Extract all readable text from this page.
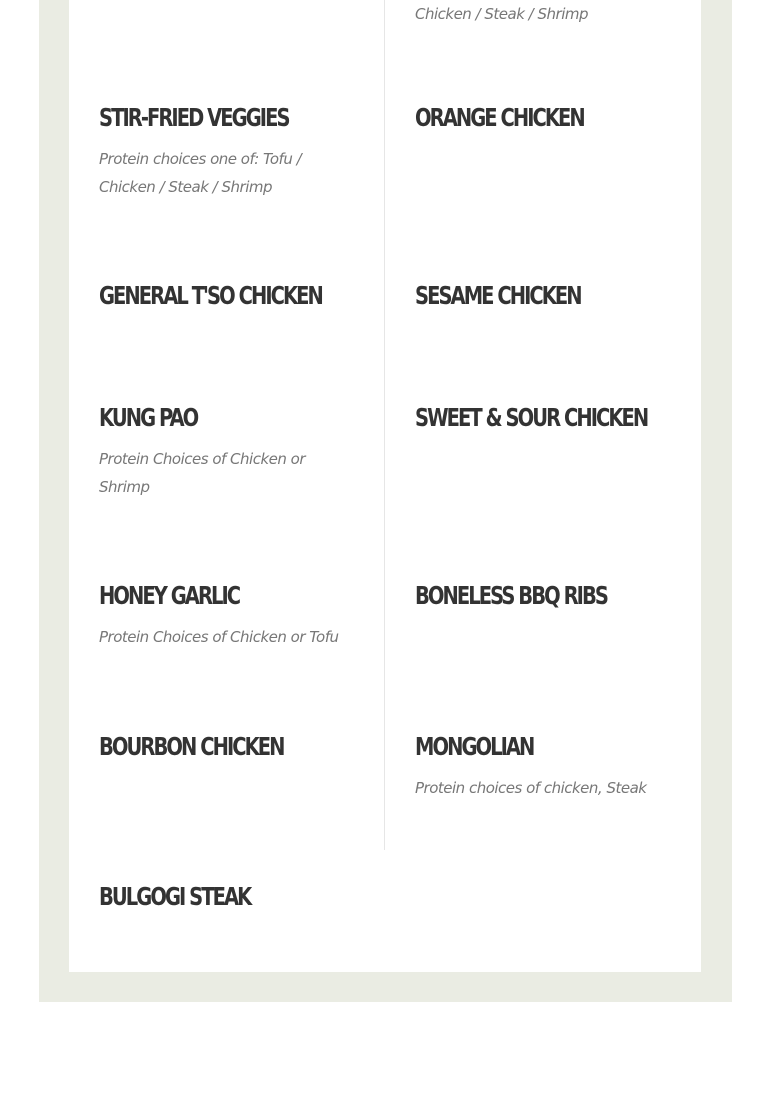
Chicken / Steak / Shrimp

STIR-FRIED VEGGIES

Protein choices one of: Tofu / Chicken / Steak / Shrimp

ORANGE CHICKEN
GENERAL T'SO CHICKEN	SESAME CHICKEN
KUNG PAO

Protein Choices of Chicken or Shrimp

SWEET & SOUR CHICKEN
HONEY GARLIC

Protein Choices of Chicken or Tofu

BONELESS BBQ RIBS
BOURBON CHICKEN	MONGOLIAN

Protein choices of chicken, Steak

BULGOGI STEAK
